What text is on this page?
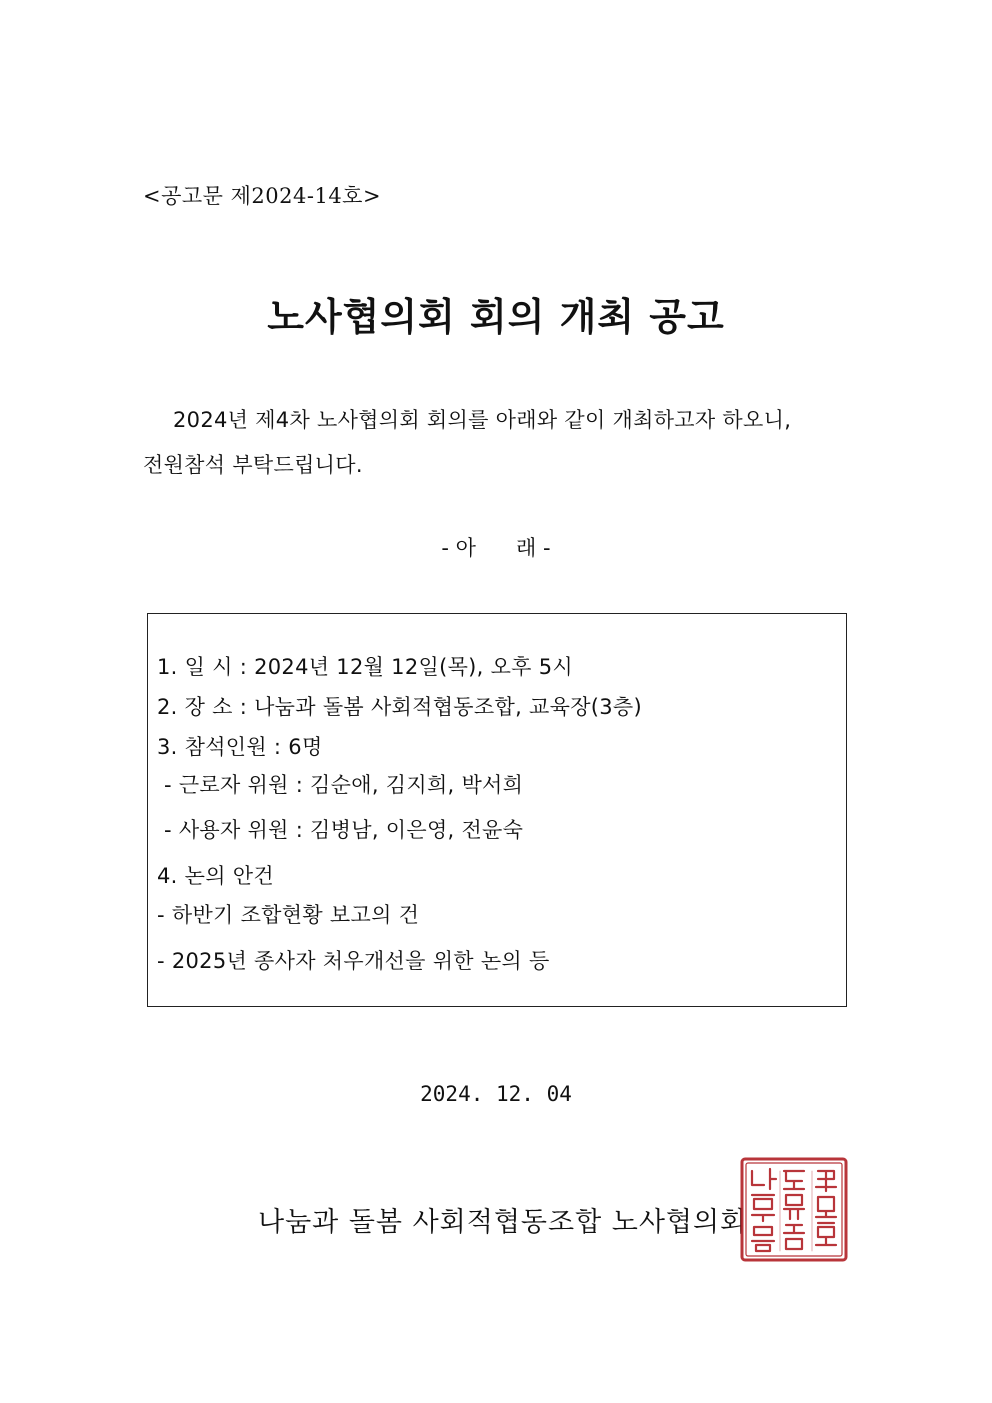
<공고문 제2024-14호>
노사협의회 회의 개최 공고
2024년 제4차 노사협의회 회의를 아래와 같이 개최하고자 하오니,
전원참석 부탁드립니다.
- 아      래 -
1. 일 시 : 2024년 12월 12일(목), 오후 5시
2. 장 소 : 나눔과 돌봄 사회적협동조합, 교육장(3층)
3. 참석인원 : 6명
- 근로자 위원 : 김순애, 김지희, 박서희
- 사용자 위원 : 김병남, 이은영, 전윤숙
4. 논의 안건
- 하반기 조합현황 보고의 건
- 2025년 종사자 처우개선을 위한 논의 등
2024. 12. 04
나눔과 돌봄 사회적협동조합 노사협의회
